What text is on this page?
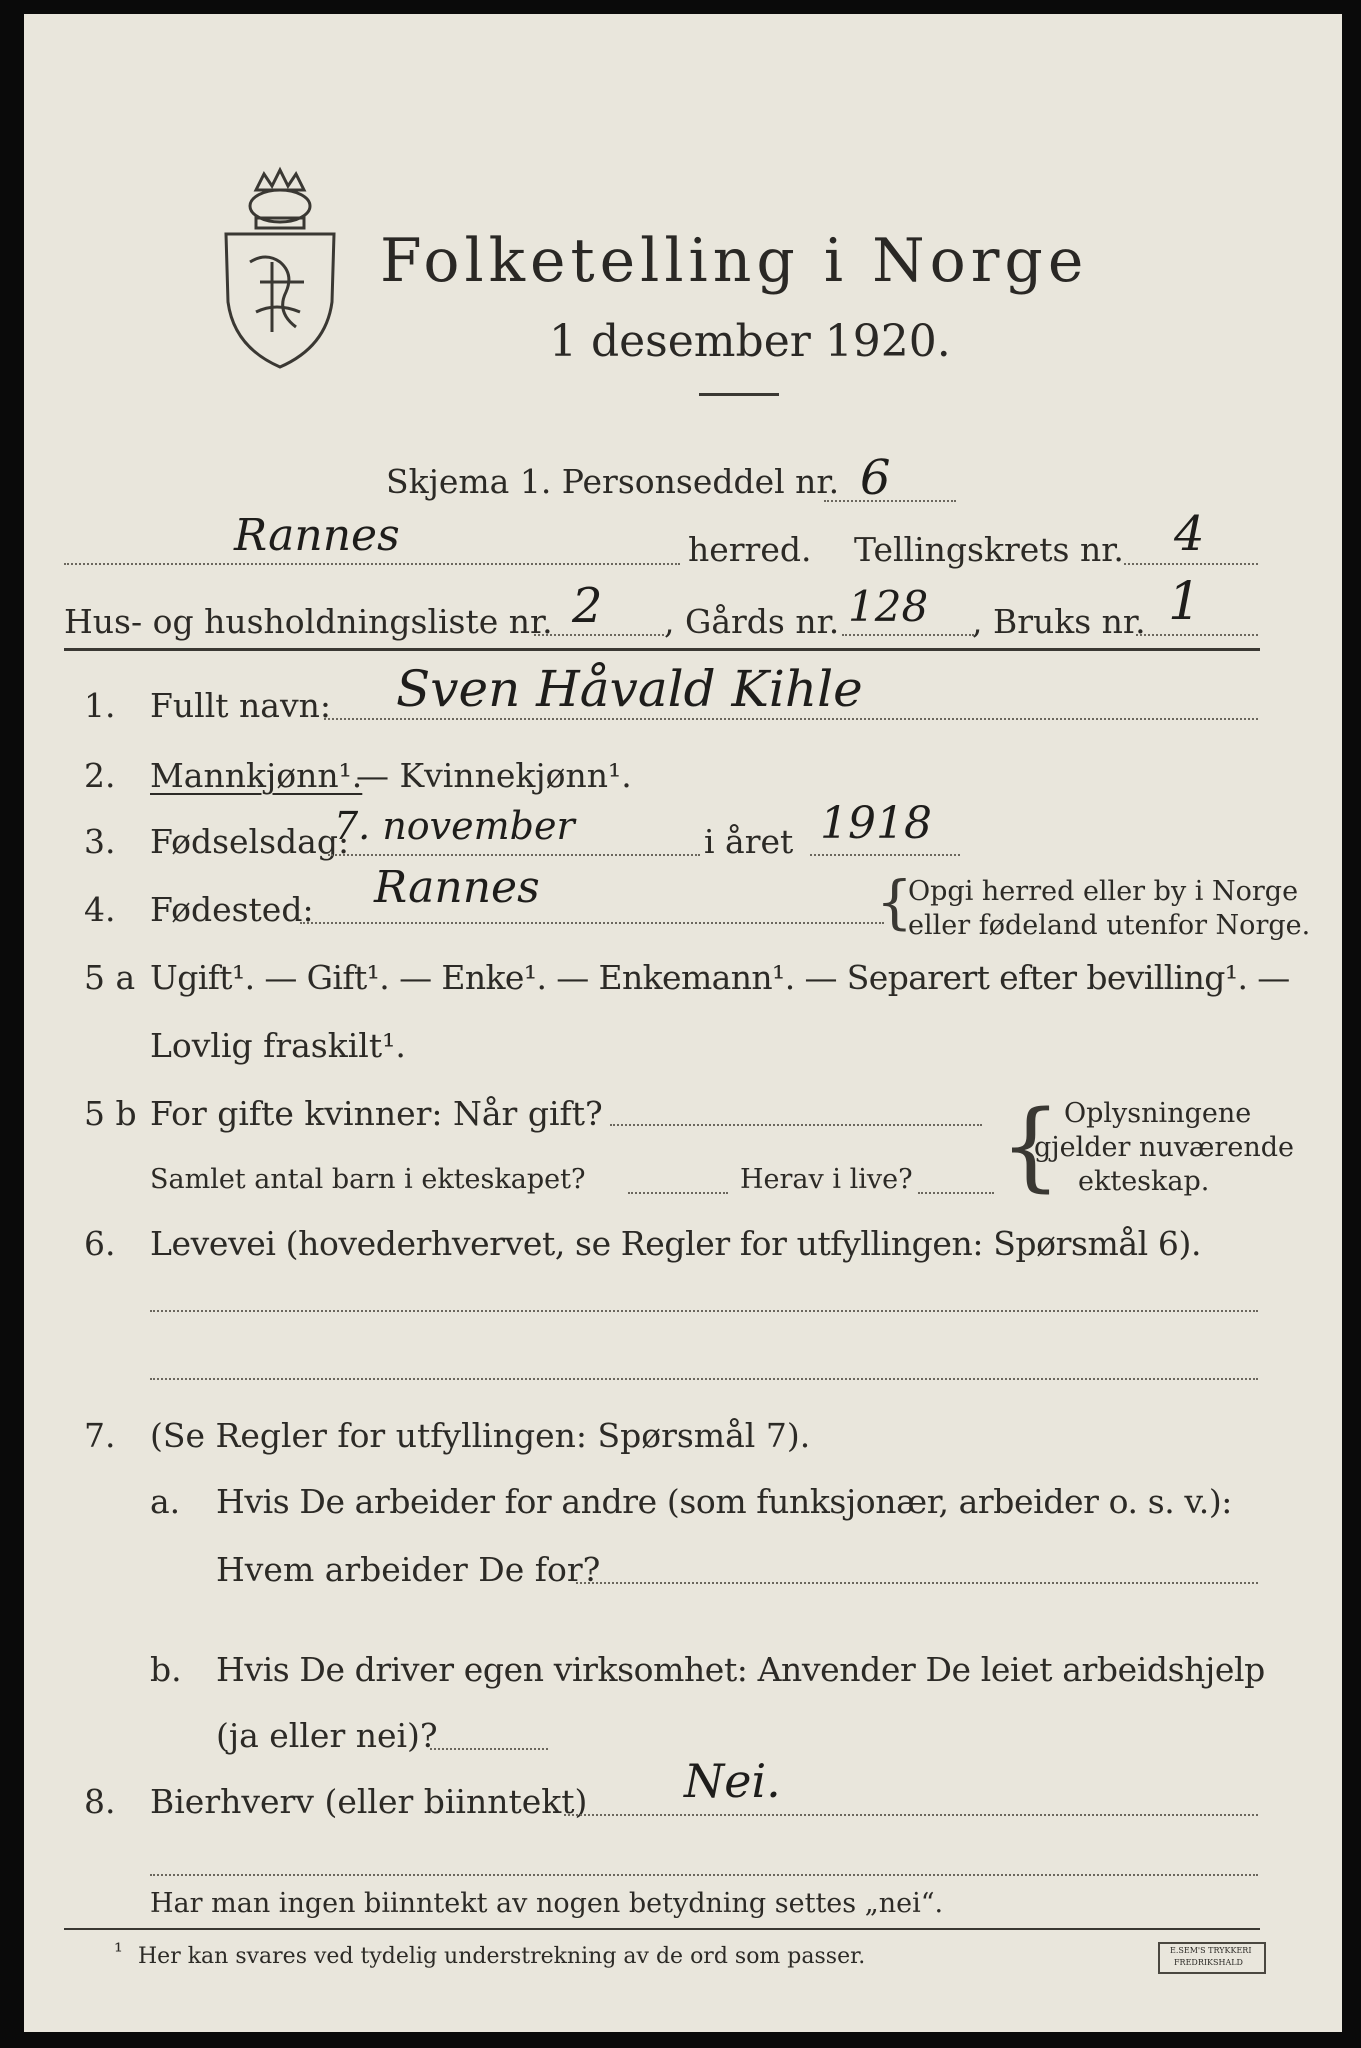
Folketelling i Norge
1 desember 1920.
Skjema 1. Personseddel nr. 6
Rannes	herred. Tellingskrets nr. 4
Hus- og husholdningsliste nr. 2 , Gårds nr. 128 , Bruks nr. 1
1. Fullt navn: Sven Håvald Kihle
2. Mannkjønn¹.
— Kvinnekjønn¹.
3. Fødselsdag:
7. november	i året 1918
4. Fødested: Rannes	{
Opgi herred eller by i Norge
eller fødeland utenfor Norge.
5 a Ugift¹. — Gift¹. — Enke¹. — Enkemann¹. — Separert efter bevilling¹. —
Lovlig fraskilt¹.
5 b For gifte kvinner: Når gift?
Samlet antal barn i ekteskapet?	Herav i live? { Oplysningene
gjelder nuværende
ekteskap.
6. Levevei (hovederhvervet, se Regler for utfyllingen: Spørsmål 6).
7. (Se Regler for utfyllingen: Spørsmål 7).
a. Hvis De arbeider for andre (som funksjonær, arbeider o. s. v.):
Hvem arbeider De for?
b. Hvis De driver egen virksomhet: Anvender De leiet arbeidshjelp
(ja eller nei)?
8. Bierhverv (eller biinntekt) Nei.
Har man ingen biinntekt av nogen betydning settes „nei“.
¹ Her kan svares ved tydelig understrekning av de ord som passer.	E.SEM'S TRYKKERI
FREDRIKSHALD
